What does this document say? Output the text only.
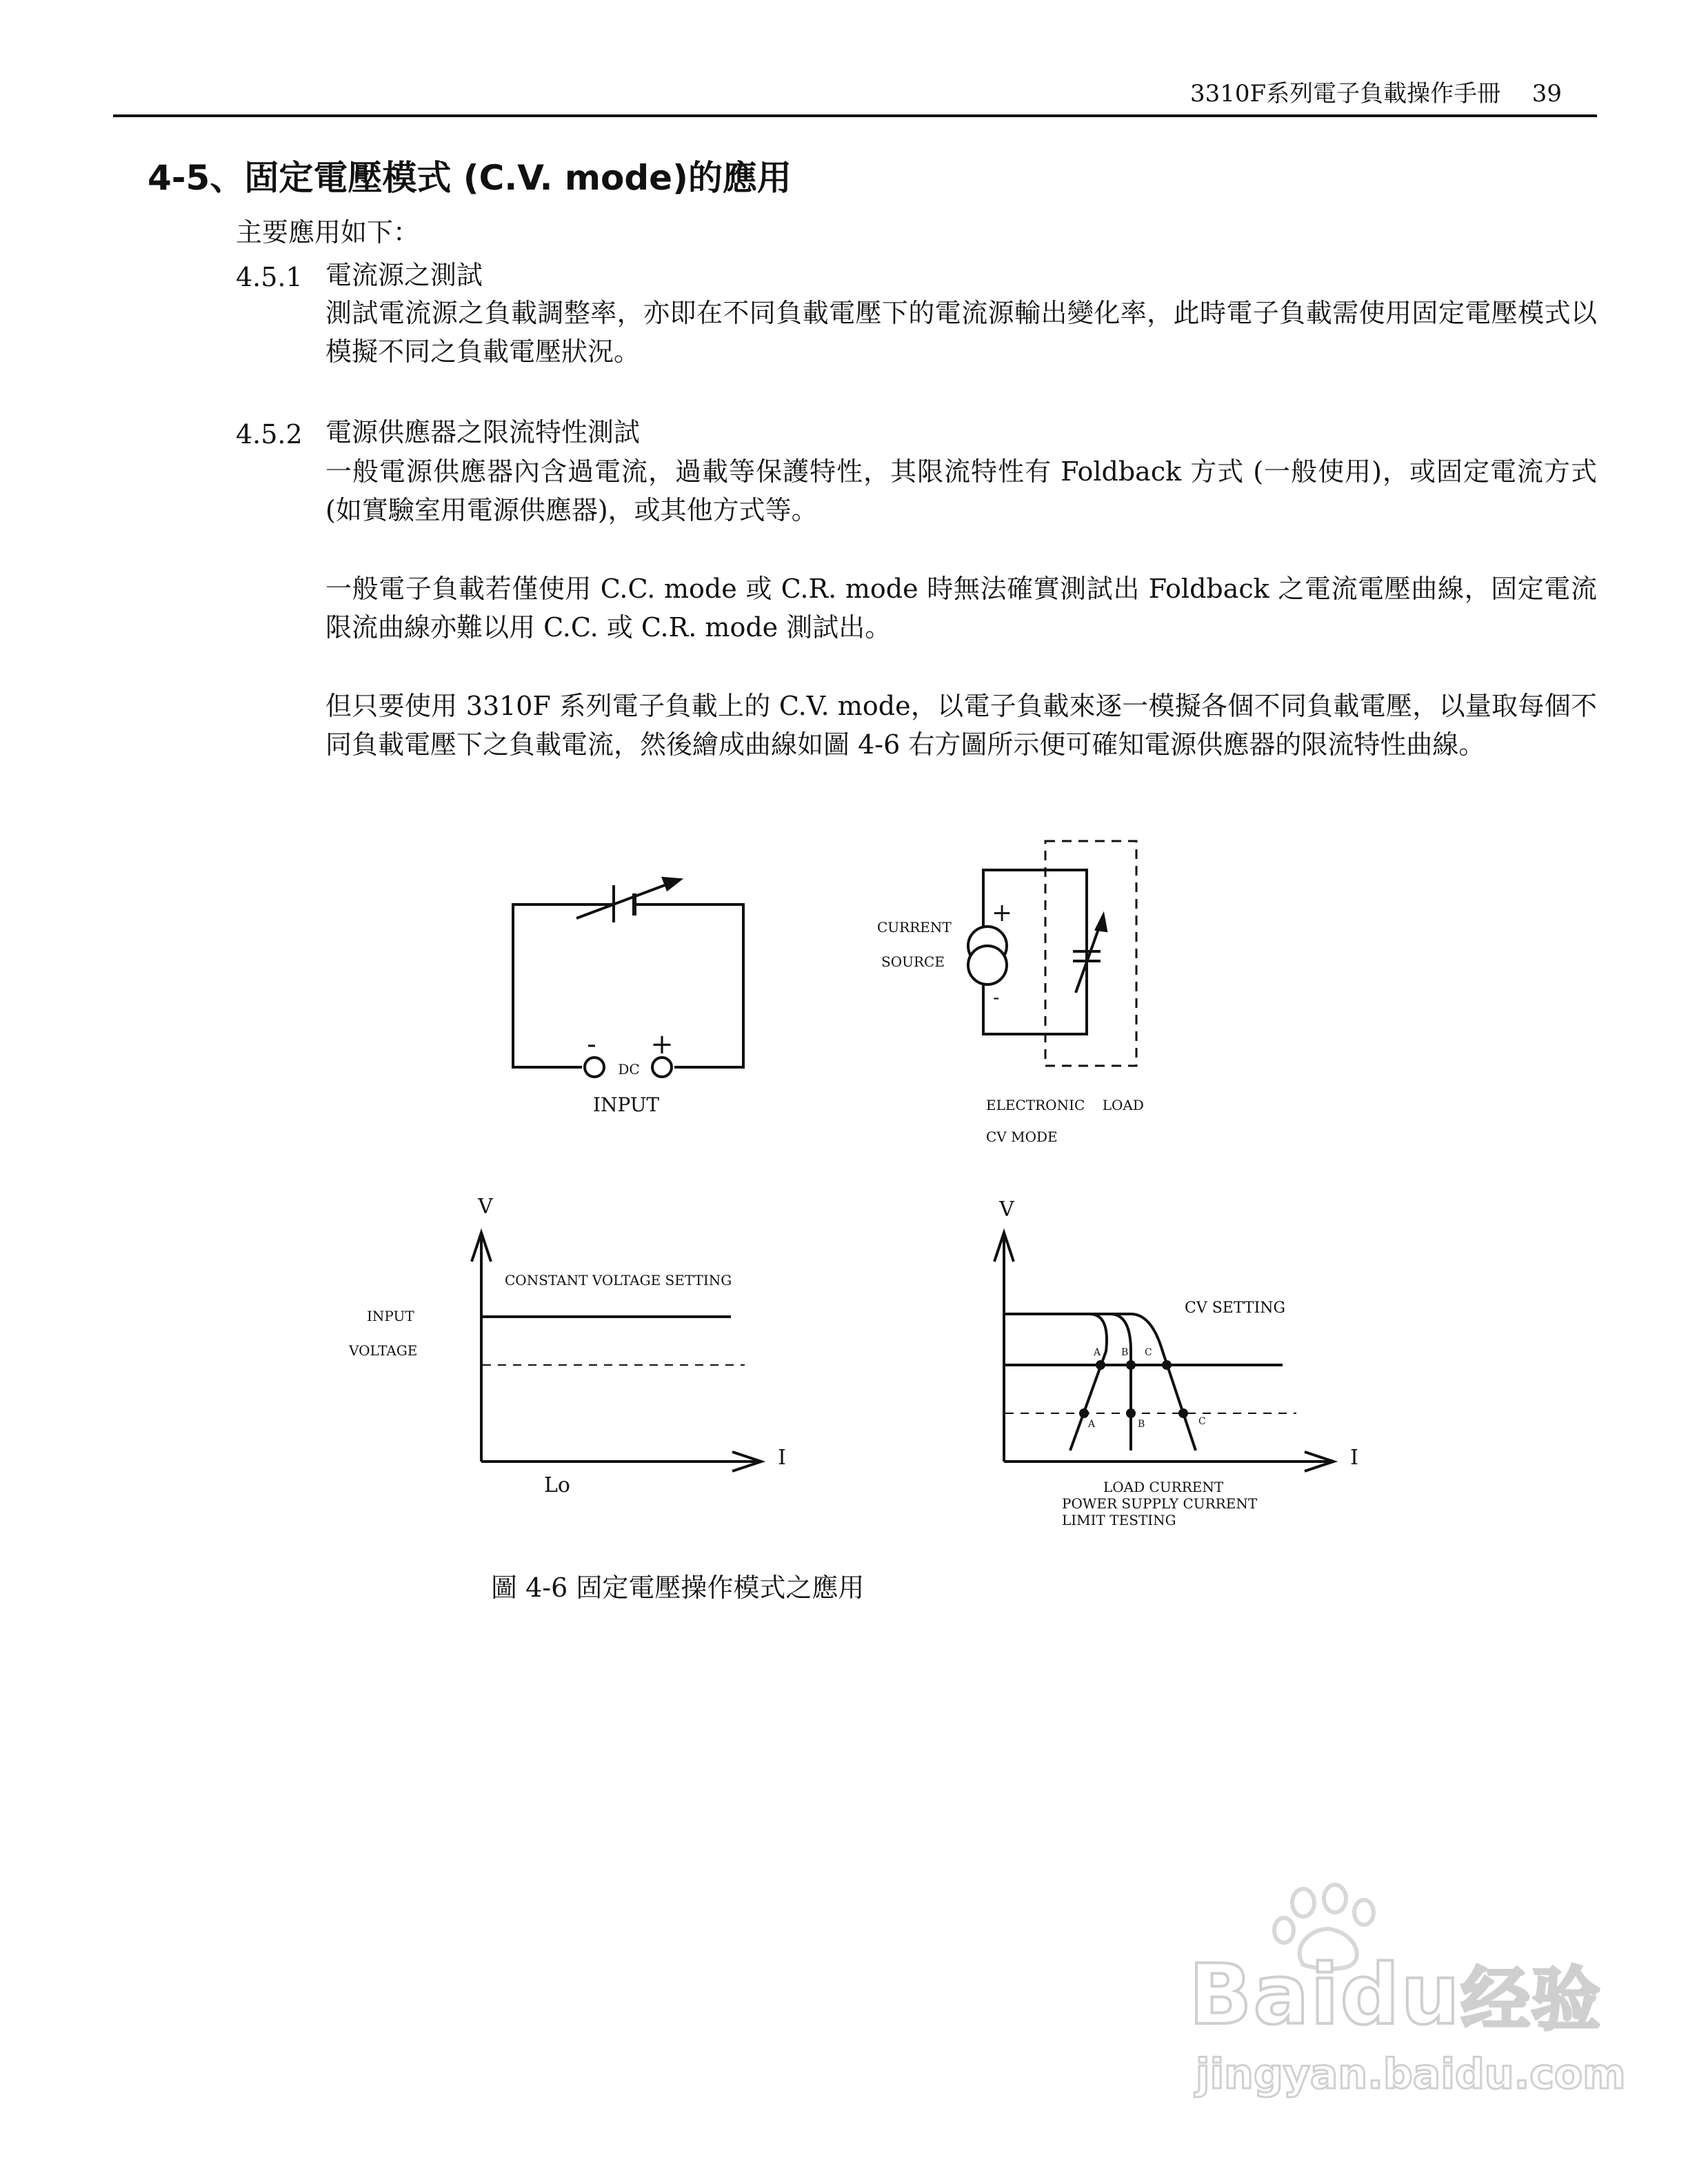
3310F系列電子負載操作手冊 39
4-5、固定電壓模式 (C.V. mode)的應用
主要應用如下：
4.5.1 電流源之測試
測試電流源之負載調整率，亦即在不同負載電壓下的電流源輸出變化率，此時電子負載需使用固定電壓模式以模擬不同之負載電壓狀況。
4.5.2 電源供應器之限流特性測試
一般電源供應器內含過電流，過載等保護特性，其限流特性有 Foldback 方式 (一般使用)，或固定電流方式(如實驗室用電源供應器)，或其他方式等。
一般電子負載若僅使用 C.C. mode 或 C.R. mode 時無法確實測試出 Foldback 之電流電壓曲線，固定電流限流曲線亦難以用 C.C. 或 C.R. mode 測試出。
但只要使用 3310F 系列電子負載上的 C.V. mode，以電子負載來逐一模擬各個不同負載電壓，以量取每個不同負載電壓下之負載電流，然後繪成曲線如圖 4-6 右方圖所示便可確知電源供應器的限流特性曲線。
- +
DC
INPUT
CURRENT
SOURCE
+
-
ELECTRONIC    LOAD
CV MODE
V
I
CONSTANT VOLTAGE SETTING
INPUT
VOLTAGE
Lo
V
I
CV SETTING
A B C
A	B	C
LOAD CURRENT
POWER SUPPLY CURRENT
LIMIT TESTING
圖 4-6 固定電壓操作模式之應用
Baidu经验
jingyan.baidu.com
